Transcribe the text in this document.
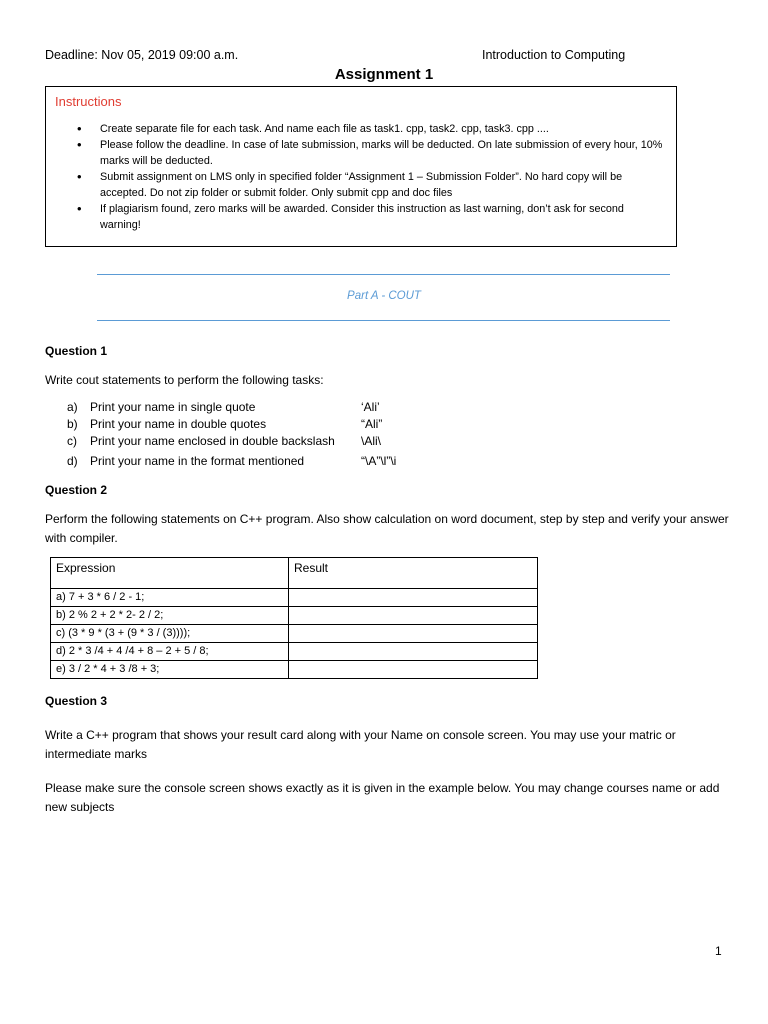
Deadline: Nov 05, 2019 09:00 a.m.	Introduction to Computing
Assignment 1
Instructions
• Create separate file for each task. And name each file as task1. cpp, task2. cpp, task3. cpp ....
• Please follow the deadline. In case of late submission, marks will be deducted. On late submission of every hour, 10% marks will be deducted.
• Submit assignment on LMS only in specified folder “Assignment 1 – Submission Folder”. No hard copy will be accepted. Do not zip folder or submit folder. Only submit cpp and doc files
• If plagiarism found, zero marks will be awarded. Consider this instruction as last warning, don’t ask for second warning!
Part A - COUT
Question 1
Write cout statements to perform the following tasks:
a) Print your name in single quote	‘Ali’
b) Print your name in double quotes	“Ali”
c) Print your name enclosed in double backslash	\Ali\
d) Print your name in the format mentioned	“\A”\l”\i
Question 2
Perform the following statements on C++ program. Also show calculation on word document, step by step and verify your answer with compiler.
Expression	Result
a) 7 + 3 * 6 / 2 - 1;	
b) 2 % 2 + 2 * 2- 2 / 2;	
c) (3 * 9 * (3 + (9 * 3 / (3))));	
d) 2 * 3 /4 + 4 /4 + 8 – 2 + 5 / 8;	
e) 3 / 2 * 4 + 3 /8 + 3;	
Question 3
Write a C++ program that shows your result card along with your Name on console screen. You may use your matric or intermediate marks
Please make sure the console screen shows exactly as it is given in the example below. You may change courses name or add new subjects
1
